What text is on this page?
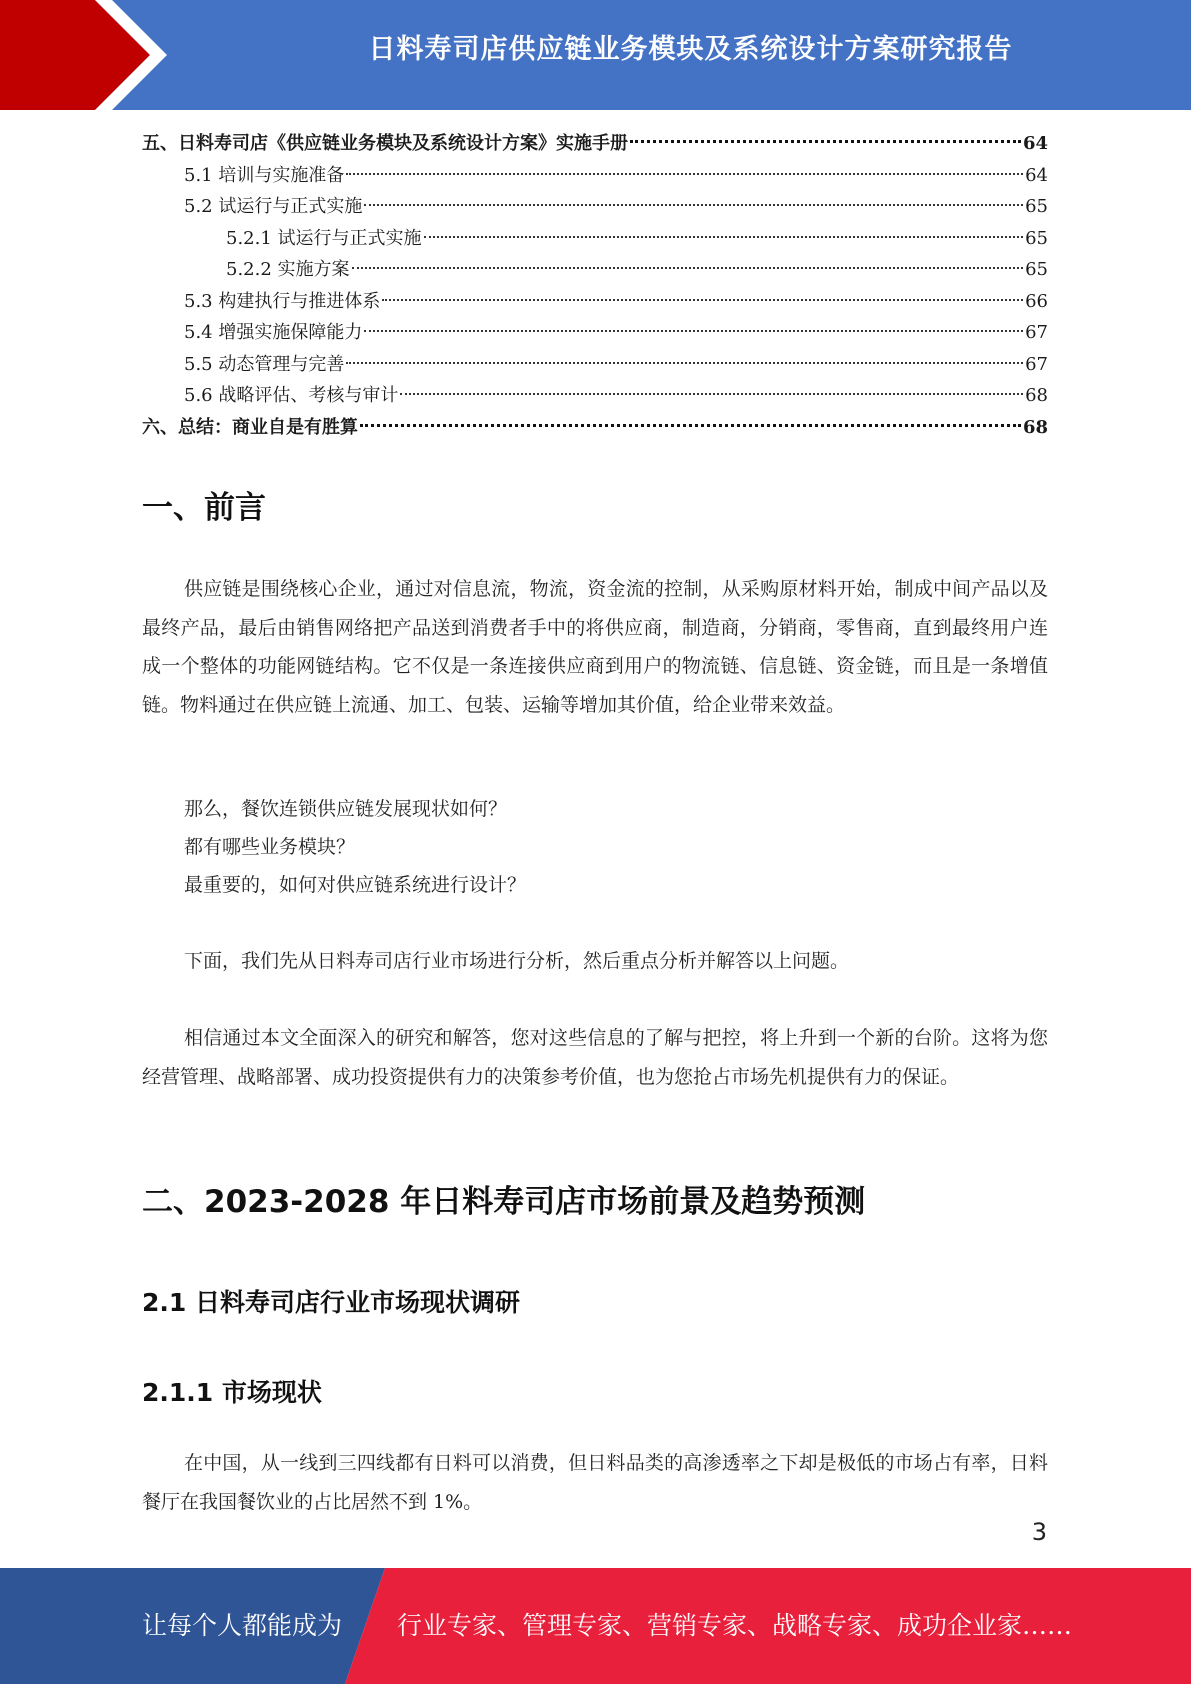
日料寿司店供应链业务模块及系统设计方案研究报告
五、日料寿司店《供应链业务模块及系统设计方案》实施手册	64
5.1 培训与实施准备	64
5.2 试运行与正式实施	65
5.2.1 试运行与正式实施	65
5.2.2 实施方案	65
5.3 构建执行与推进体系	66
5.4 增强实施保障能力	67
5.5 动态管理与完善	67
5.6 战略评估、考核与审计	68
六、总结：商业自是有胜算	68
一、前言

供应链是围绕核心企业，通过对信息流，物流，资金流的控制，从采购原材料开始，制成中间产品以及最终产品，最后由销售网络把产品送到消费者手中的将供应商，制造商，分销商，零售商，直到最终用户连成一个整体的功能网链结构。它不仅是一条连接供应商到用户的物流链、信息链、资金链，而且是一条增值链。物料通过在供应链上流通、加工、包装、运输等增加其价值，给企业带来效益。

那么，餐饮连锁供应链发展现状如何？
都有哪些业务模块？
最重要的，如何对供应链系统进行设计？

下面，我们先从日料寿司店行业市场进行分析，然后重点分析并解答以上问题。

相信通过本文全面深入的研究和解答，您对这些信息的了解与把控，将上升到一个新的台阶。这将为您经营管理、战略部署、成功投资提供有力的决策参考价值，也为您抢占市场先机提供有力的保证。

二、2023-2028 年日料寿司店市场前景及趋势预测
2.1 日料寿司店行业市场现状调研
2.1.1 市场现状

在中国，从一线到三四线都有日料可以消费，但日料品类的高渗透率之下却是极低的市场占有率，日料餐厅在我国餐饮业的占比居然不到 1%。

3
让每个人都能成为 行业专家、管理专家、营销专家、战略专家、成功企业家……
